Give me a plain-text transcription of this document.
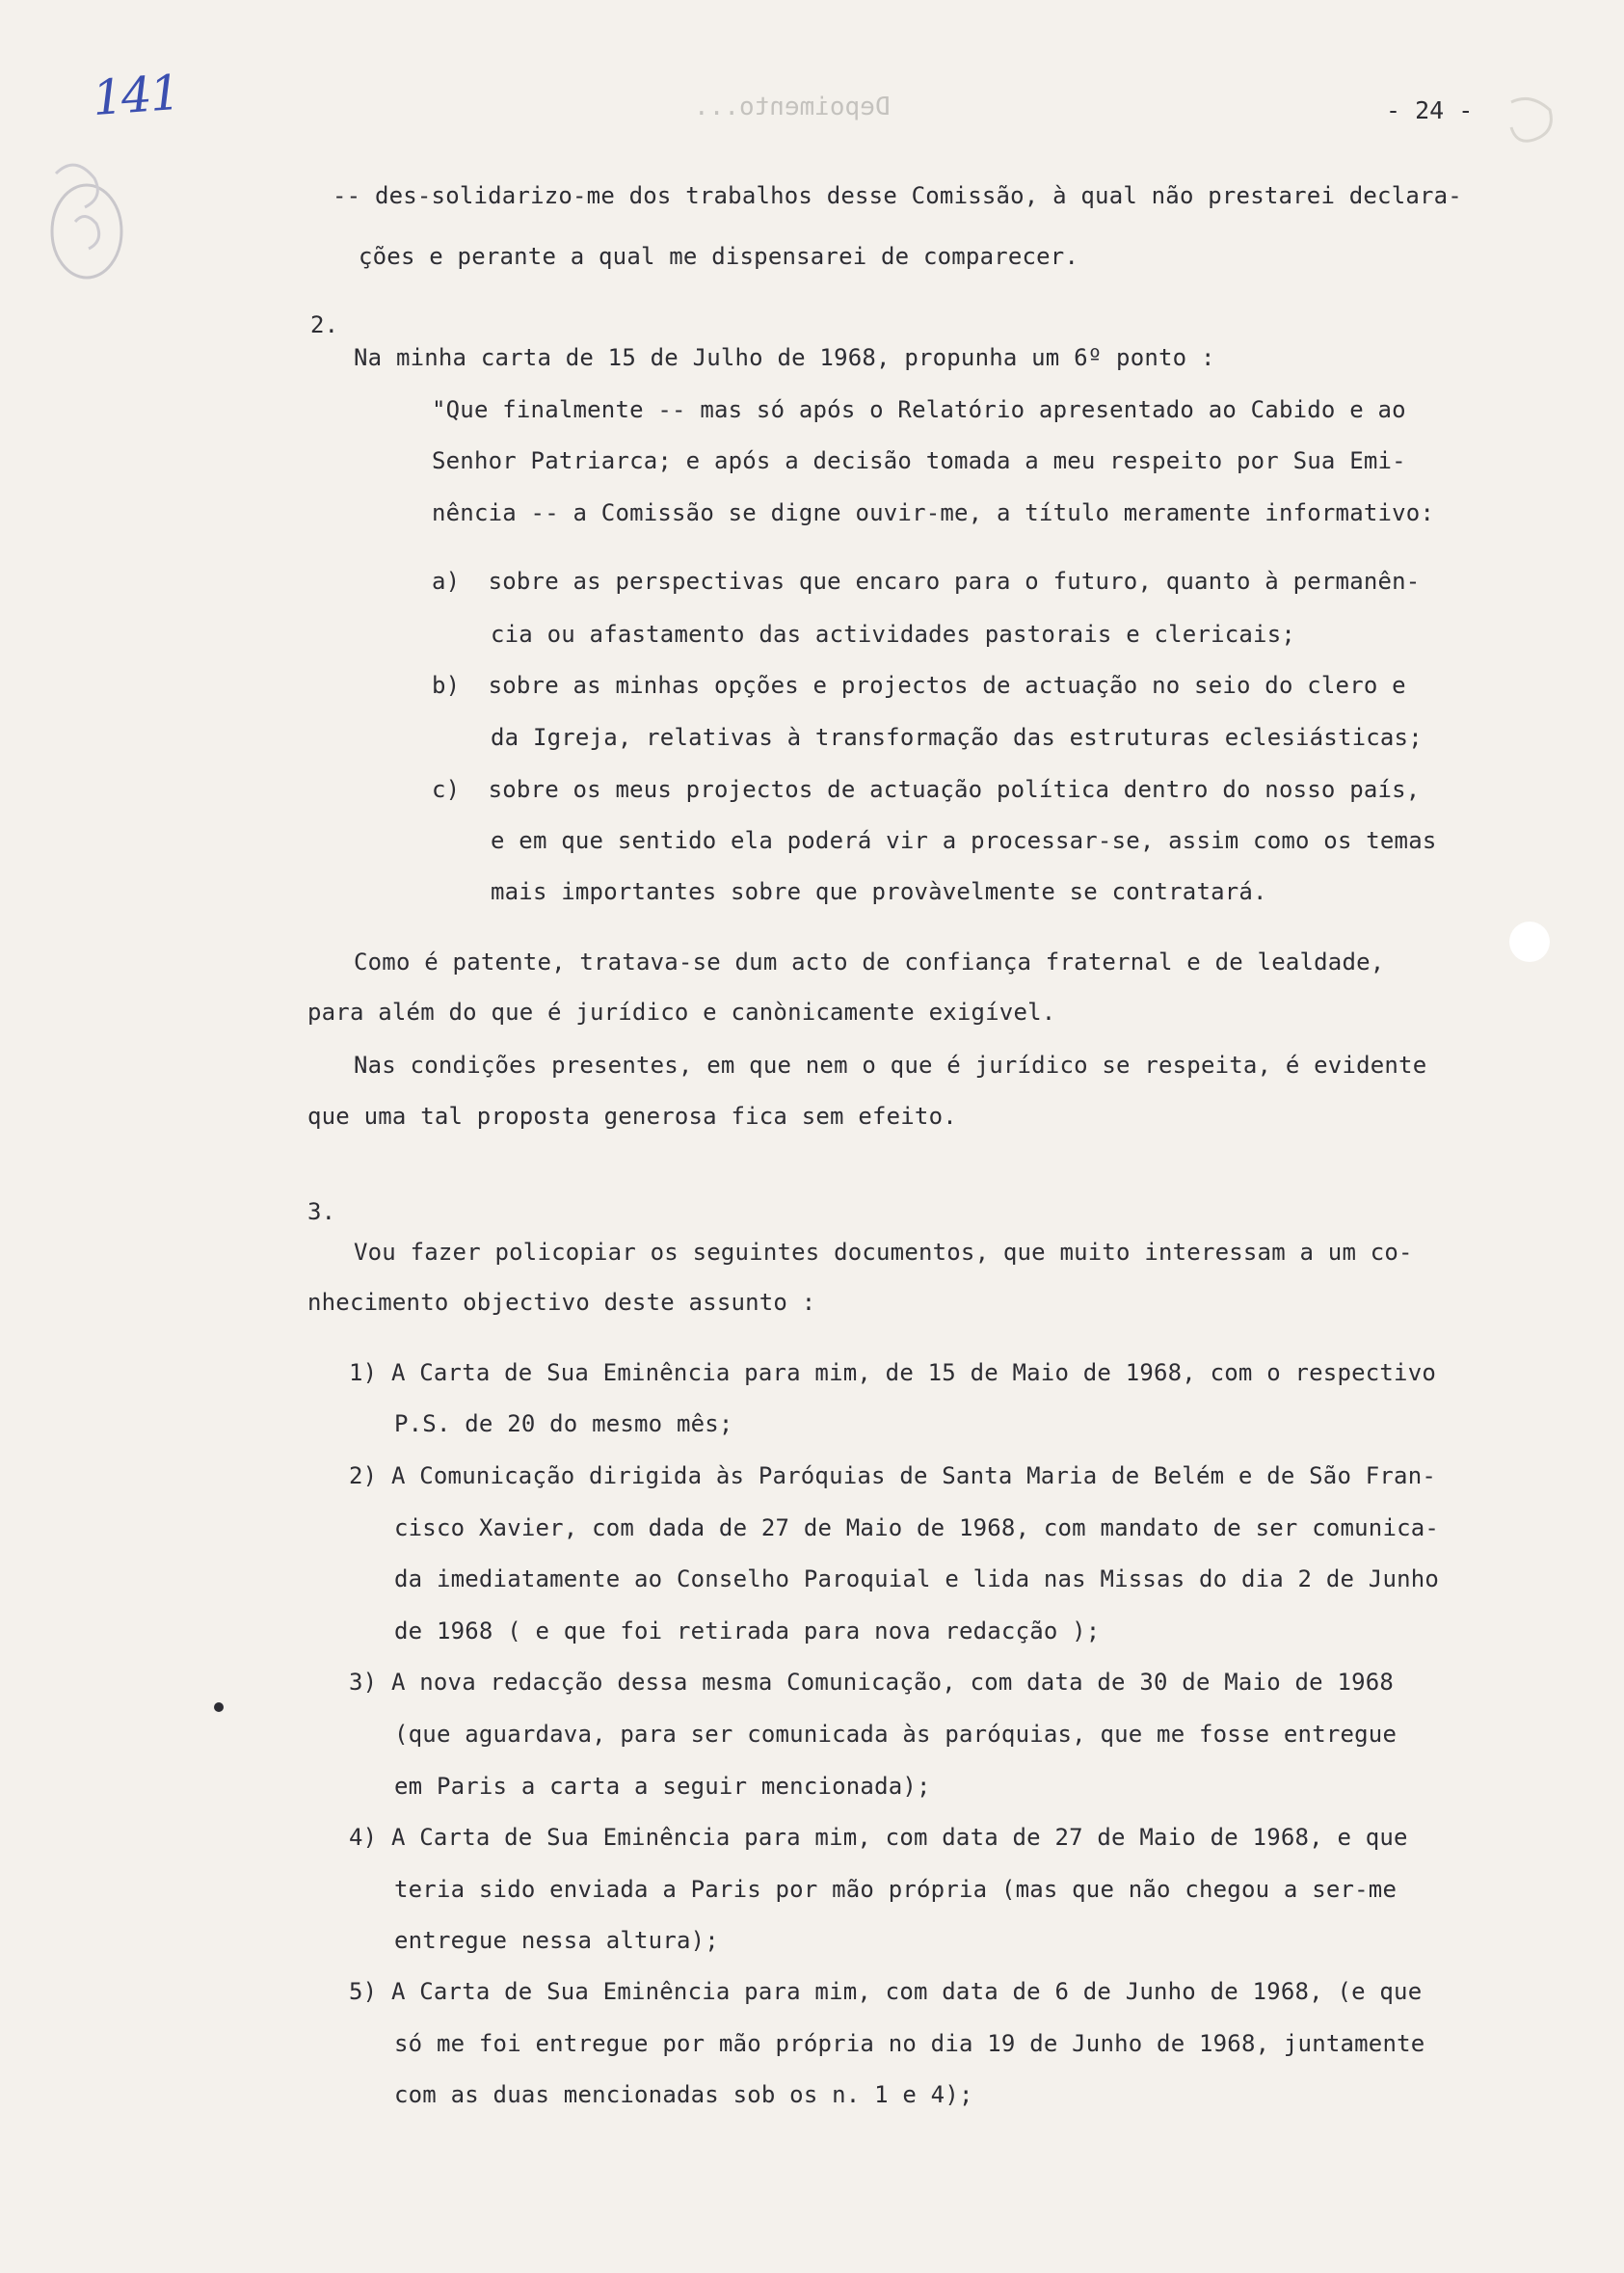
141	Depoimento...	- 24 -
-- des-solidarizo-me dos trabalhos desse Comissão, à qual não prestarei declara-
ções e perante a qual me dispensarei de comparecer.
2.
Na minha carta de 15 de Julho de 1968, propunha um 6º ponto :
"Que finalmente -- mas só após o Relatório apresentado ao Cabido e ao
Senhor Patriarca; e após a decisão tomada a meu respeito por Sua Emi-
nência -- a Comissão se digne ouvir-me, a título meramente informativo:
a)  sobre as perspectivas que encaro para o futuro, quanto à permanên-
cia ou afastamento das actividades pastorais e clericais;
b)  sobre as minhas opções e projectos de actuação no seio do clero e
da Igreja, relativas à transformação das estruturas eclesiásticas;
c)  sobre os meus projectos de actuação política dentro do nosso país,
e em que sentido ela poderá vir a processar-se, assim como os temas
mais importantes sobre que provàvelmente se contratará.
Como é patente, tratava-se dum acto de confiança fraternal e de lealdade,
para além do que é jurídico e canònicamente exigível.
Nas condições presentes, em que nem o que é jurídico se respeita, é evidente
que uma tal proposta generosa fica sem efeito.
3.
Vou fazer policopiar os seguintes documentos, que muito interessam a um co-
nhecimento objectivo deste assunto :
1) A Carta de Sua Eminência para mim, de 15 de Maio de 1968, com o respectivo
P.S. de 20 do mesmo mês;
2) A Comunicação dirigida às Paróquias de Santa Maria de Belém e de São Fran-
cisco Xavier, com dada de 27 de Maio de 1968, com mandato de ser comunica-
da imediatamente ao Conselho Paroquial e lida nas Missas do dia 2 de Junho
de 1968 ( e que foi retirada para nova redacção );
3) A nova redacção dessa mesma Comunicação, com data de 30 de Maio de 1968
(que aguardava, para ser comunicada às paróquias, que me fosse entregue
em Paris a carta a seguir mencionada);
4) A Carta de Sua Eminência para mim, com data de 27 de Maio de 1968, e que
teria sido enviada a Paris por mão própria (mas que não chegou a ser-me
entregue nessa altura);
5) A Carta de Sua Eminência para mim, com data de 6 de Junho de 1968, (e que
só me foi entregue por mão própria no dia 19 de Junho de 1968, juntamente
com as duas mencionadas sob os n. 1 e 4);
